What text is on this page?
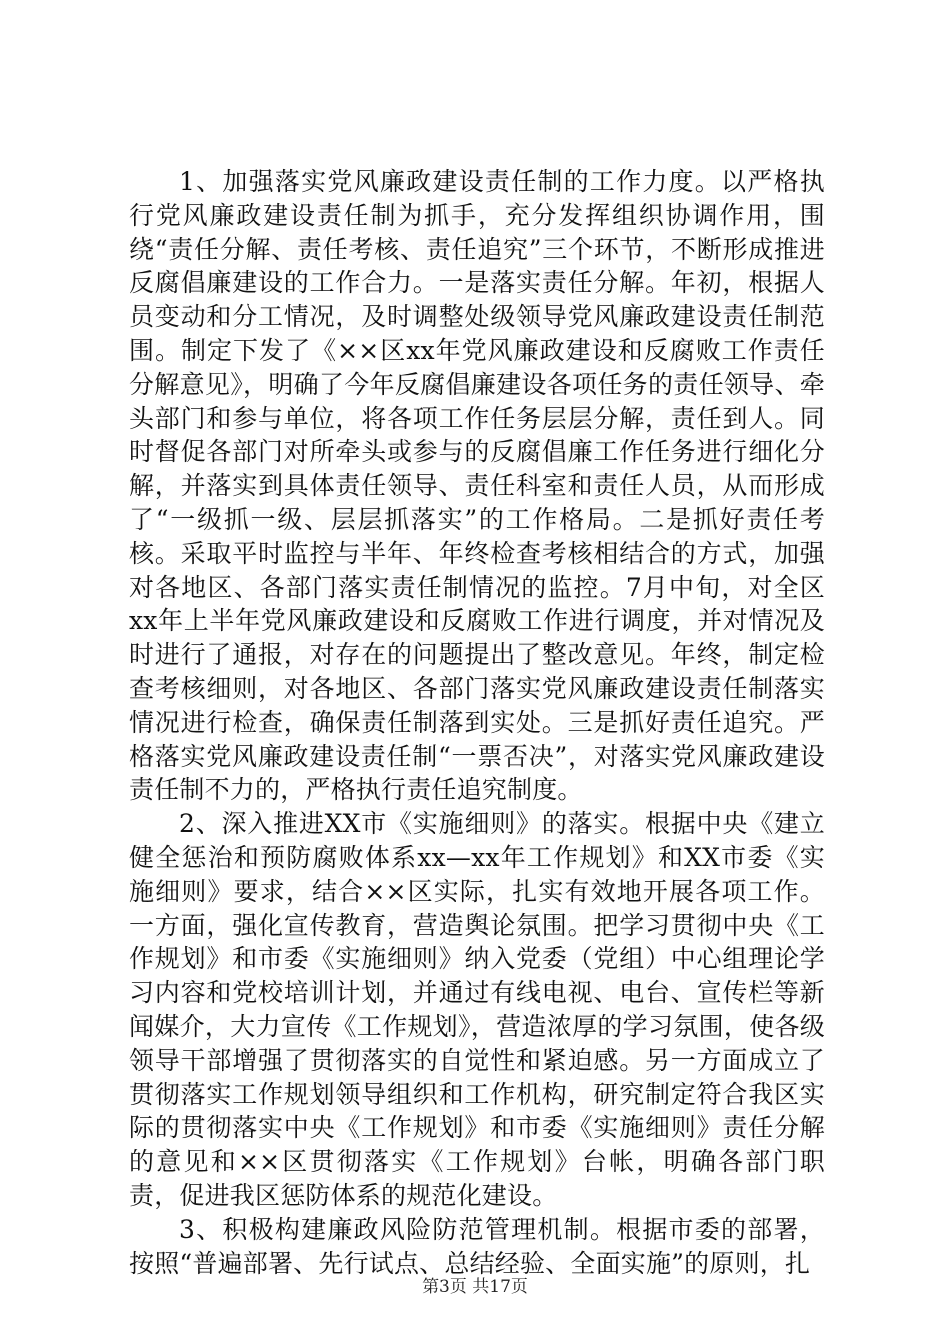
1、加强落实党风廉政建设责任制的工作力度。以严格执行党风廉政建设责任制为抓手，充分发挥组织协调作用，围绕“责任分解、责任考核、责任追究”三个环节，不断形成推进反腐倡廉建设的工作合力。一是落实责任分解。年初，根据人员变动和分工情况，及时调整处级领导党风廉政建设责任制范围。制定下发了《××区xx年党风廉政建设和反腐败工作责任分解意见》，明确了今年反腐倡廉建设各项任务的责任领导、牵头部门和参与单位，将各项工作任务层层分解，责任到人。同时督促各部门对所牵头或参与的反腐倡廉工作任务进行细化分解，并落实到具体责任领导、责任科室和责任人员，从而形成了“一级抓一级、层层抓落实”的工作格局。二是抓好责任考核。采取平时监控与半年、年终检查考核相结合的方式，加强对各地区、各部门落实责任制情况的监控。7月中旬，对全区xx年上半年党风廉政建设和反腐败工作进行调度，并对情况及时进行了通报，对存在的问题提出了整改意见。年终，制定检查考核细则，对各地区、各部门落实党风廉政建设责任制落实情况进行检查，确保责任制落到实处。三是抓好责任追究。严格落实党风廉政建设责任制“一票否决”，对落实党风廉政建设责任制不力的，严格执行责任追究制度。

2、深入推进XX市《实施细则》的落实。根据中央《建立健全惩治和预防腐败体系xx—xx年工作规划》和XX市委《实施细则》要求，结合××区实际，扎实有效地开展各项工作。一方面，强化宣传教育，营造舆论氛围。把学习贯彻中央《工作规划》和市委《实施细则》纳入党委（党组）中心组理论学习内容和党校培训计划，并通过有线电视、电台、宣传栏等新闻媒介，大力宣传《工作规划》，营造浓厚的学习氛围，使各级领导干部增强了贯彻落实的自觉性和紧迫感。另一方面成立了贯彻落实工作规划领导组织和工作机构，研究制定符合我区实际的贯彻落实中央《工作规划》和市委《实施细则》责任分解的意见和××区贯彻落实《工作规划》台帐，明确各部门职责，促进我区惩防体系的规范化建设。

3、积极构建廉政风险防范管理机制。根据市委的部署，按照“普遍部署、先行试点、总结经验、全面实施”的原则，扎

第3页 共17页
